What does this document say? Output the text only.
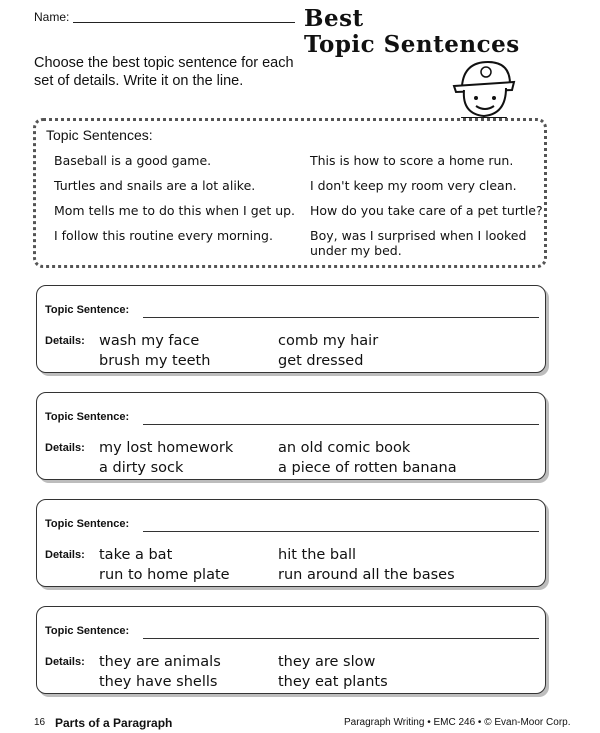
Name:	Best
Topic Sentences
Choose the best topic sentence for each set of details. Write it on the line.
Topic Sentences:
Baseball is a good game.
Turtles and snails are a lot alike.
Mom tells me to do this when I get up.
I follow this routine every morning.
This is how to score a home run.
I don't keep my room very clean.
How do you take care of a pet turtle?
Boy, was I surprised when I looked under my bed.
Topic Sentence:
Details: wash my face	comb my hair
brush my teeth	get dressed
Topic Sentence:
Details: my lost homework	an old comic book
a dirty sock	a piece of rotten banana
Topic Sentence:
Details: take a bat	hit the ball
run to home plate	run around all the bases
Topic Sentence:
Details: they are animals	they are slow
they have shells	they eat plants
16 Parts of a Paragraph	Paragraph Writing • EMC 246 • © Evan-Moor Corp.
